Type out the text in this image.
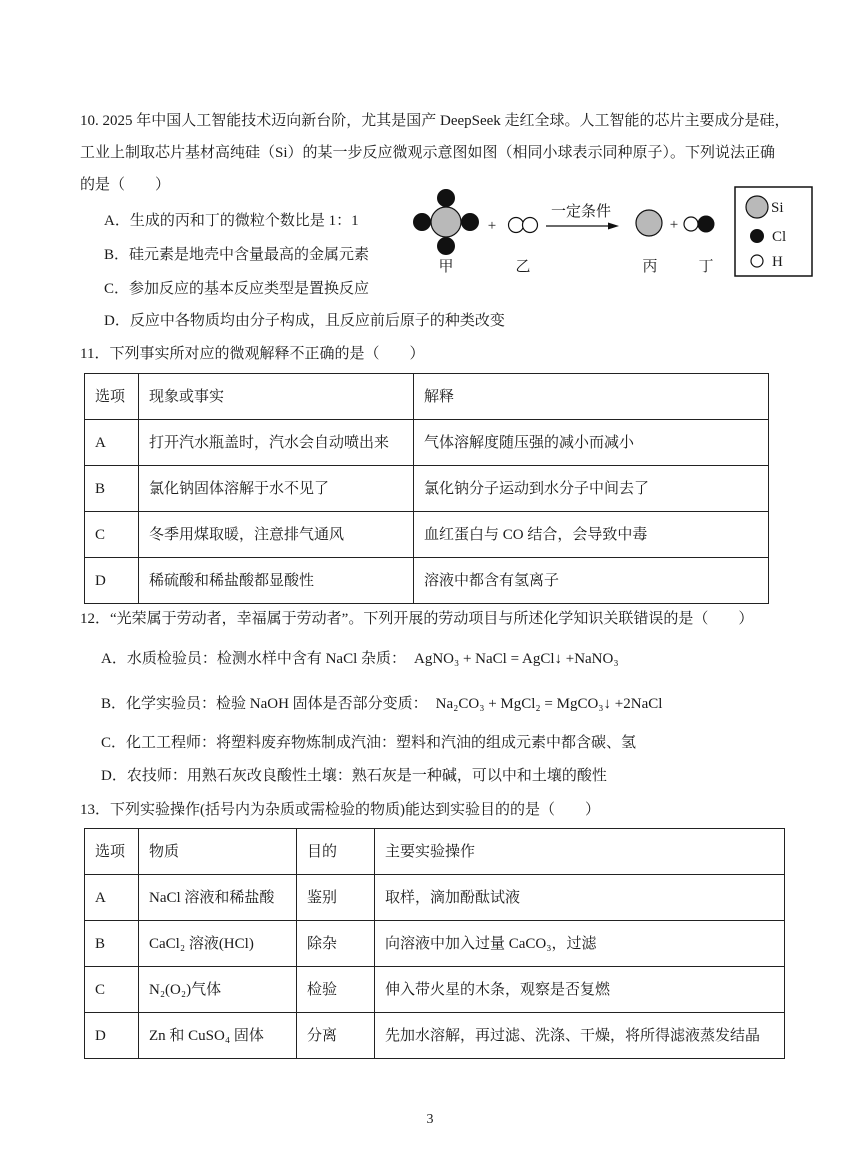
10. 2025 年中国人工智能技术迈向新台阶，尤其是国产 DeepSeek 走红全球。人工智能的芯片主要成分是硅，
工业上制取芯片基材高纯硅（Si）的某一步反应微观示意图如图（相同小球表示同种原子）。下列说法正确
的是（　　）
A．生成的丙和丁的微粒个数比是 1：1
B．硅元素是地壳中含量最高的金属元素
C．参加反应的基本反应类型是置换反应
D．反应中各物质均由分子构成，且反应前后原子的种类改变
甲
+
乙
一定条件
丙
+
丁
Si
Cl
H
11．下列事实所对应的微观解释不正确的是（　　）
选项	现象或事实	解释
A	打开汽水瓶盖时，汽水会自动喷出来	气体溶解度随压强的减小而减小
B	氯化钠固体溶解于水不见了	氯化钠分子运动到水分子中间去了
C	冬季用煤取暖，注意排气通风	血红蛋白与 CO 结合，会导致中毒
D	稀硫酸和稀盐酸都显酸性	溶液中都含有氢离子
12．“光荣属于劳动者，幸福属于劳动者”。下列开展的劳动项目与所述化学知识关联错误的是（　　）
A．水质检验员：检测水样中含有 NaCl 杂质： AgNO₃ + NaCl = AgCl↓ +NaNO₃
B．化学实验员：检验 NaOH 固体是否部分变质： Na₂CO₃ + MgCl₂ = MgCO₃↓ +2NaCl
C．化工工程师：将塑料废弃物炼制成汽油：塑料和汽油的组成元素中都含碳、氢
D．农技师：用熟石灰改良酸性土壤：熟石灰是一种碱，可以中和土壤的酸性
13．下列实验操作(括号内为杂质或需检验的物质)能达到实验目的的是（　　）
选项	物质	目的	主要实验操作
A	NaCl 溶液和稀盐酸	鉴别	取样，滴加酚酞试液
B	CaCl₂ 溶液(HCl)	除杂	向溶液中加入过量 CaCO₃，过滤
C	N₂(O₂)气体	检验	伸入带火星的木条，观察是否复燃
D	Zn 和 CuSO₄ 固体	分离	先加水溶解，再过滤、洗涤、干燥，将所得滤液蒸发结晶
3
